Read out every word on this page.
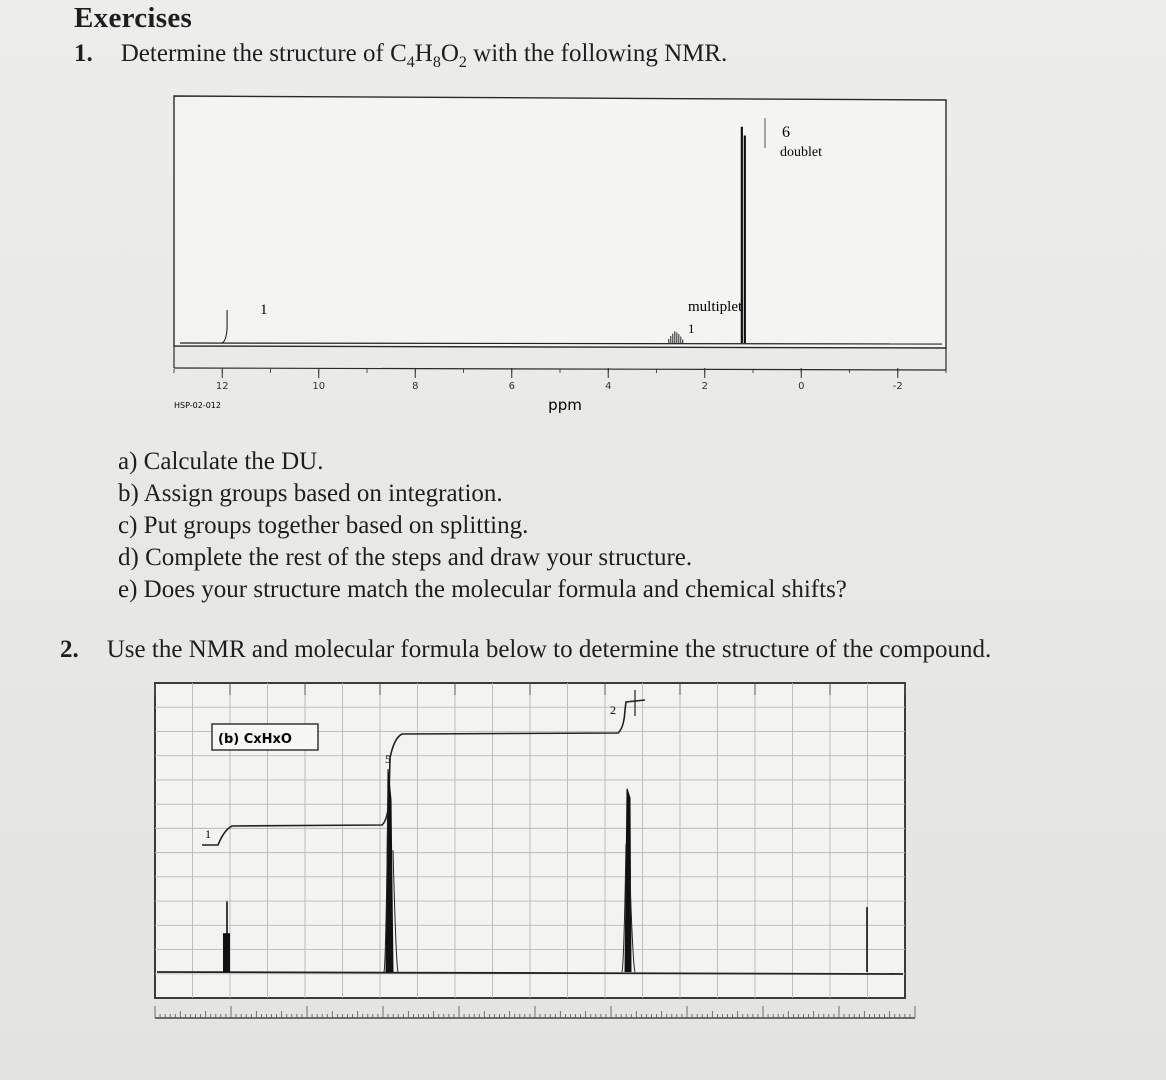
Exercises
1. Determine the structure of $C_4H_8O_2$ with the following NMR.
12	10	8	6	4	2	0	-2
ppm
HSP-02-012
1	multiplet
1
6
doublet
a) Calculate the DU.
b) Assign groups based on integration.
c) Put groups together based on splitting.
d) Complete the rest of the steps and draw your structure.
e) Does your structure match the molecular formula and chemical shifts?
2. Use the NMR and molecular formula below to determine the structure of the compound.
(b) CxHxO
1
5
2
